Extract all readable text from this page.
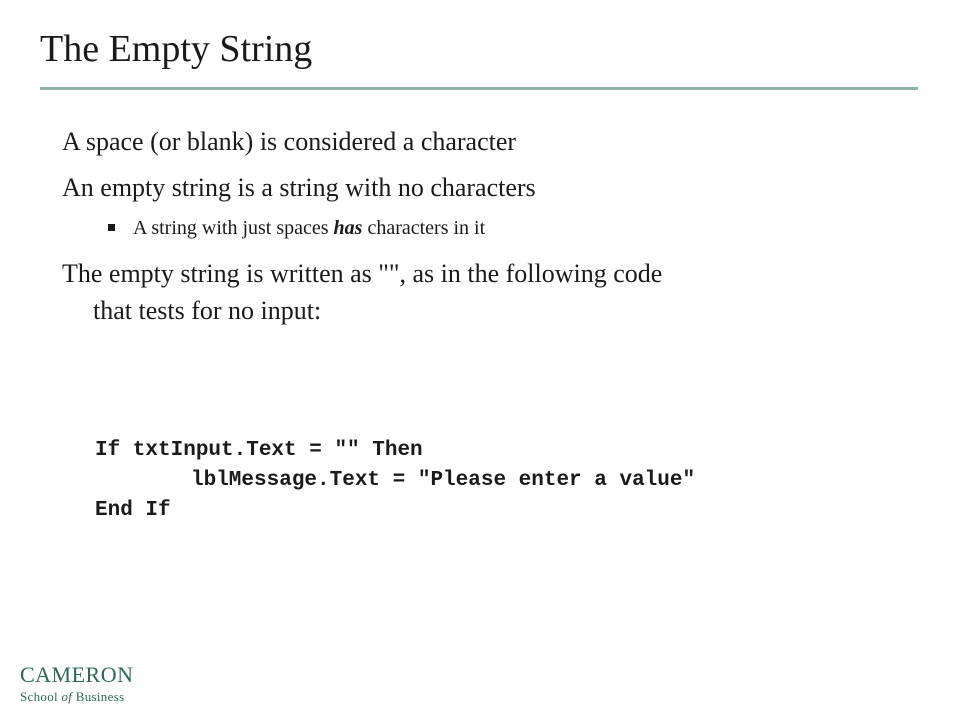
The Empty String
A space (or blank) is considered a character
An empty string is a string with no characters
A string with just spaces has characters in it
The empty string is written as "", as in the following code
that tests for no input:
If txtInput.Text = "" Then
lblMessage.Text = "Please enter a value"
End If
CAMERON
School of Business
